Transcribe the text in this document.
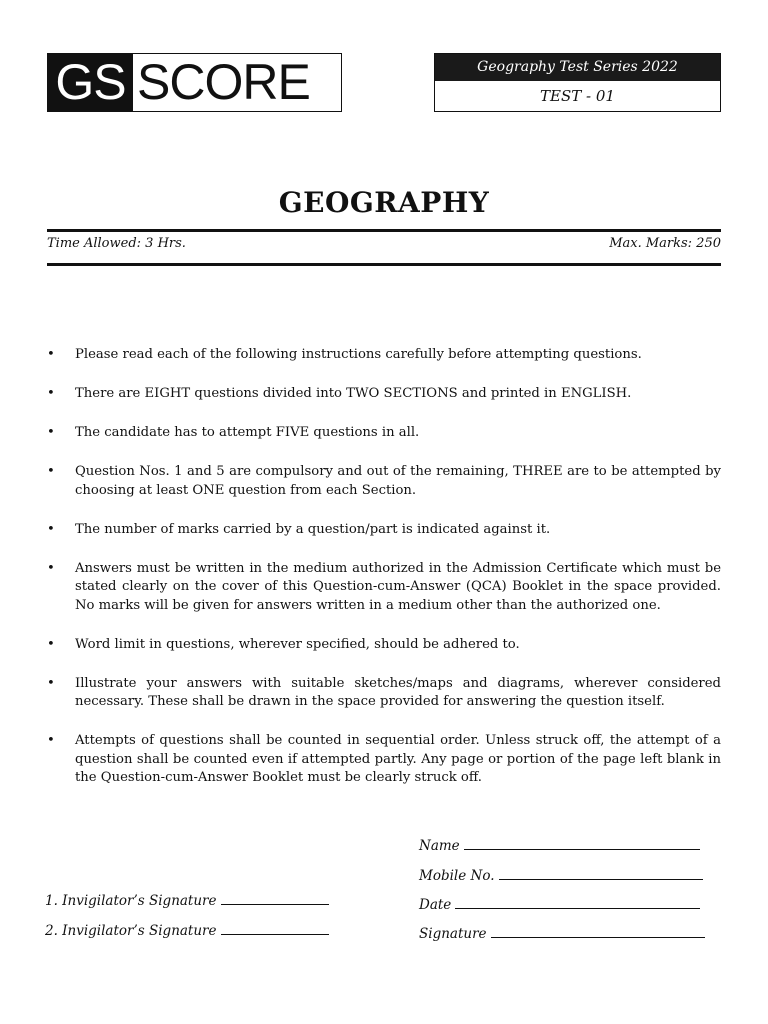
GS SCORE	Geography Test Series 2022
TEST - 01
GEOGRAPHY
Time Allowed: 3 Hrs.	Max. Marks: 250
• Please read each of the following instructions carefully before attempting questions.
• There are EIGHT questions divided into TWO SECTIONS and printed in ENGLISH.
• The candidate has to attempt FIVE questions in all.
• Question Nos. 1 and 5 are compulsory and out of the remaining, THREE are to be attempted by choosing at least ONE question from each Section.
• The number of marks carried by a question/part is indicated against it.
• Answers must be written in the medium authorized in the Admission Certificate which must be stated clearly on the cover of this Question-cum-Answer (QCA) Booklet in the space provided. No marks will be given for answers written in a medium other than the authorized one.
• Word limit in questions, wherever specified, should be adhered to.
• Illustrate your answers with suitable sketches/maps and diagrams, wherever considered necessary. These shall be drawn in the space provided for answering the question itself.
• Attempts of questions shall be counted in sequential order. Unless struck off, the attempt of a question shall be counted even if attempted partly. Any page or portion of the page left blank in the Question-cum-Answer Booklet must be clearly struck off.
Name
Mobile No.
Date
Signature
1. Invigilator’s Signature
2. Invigilator’s Signature
